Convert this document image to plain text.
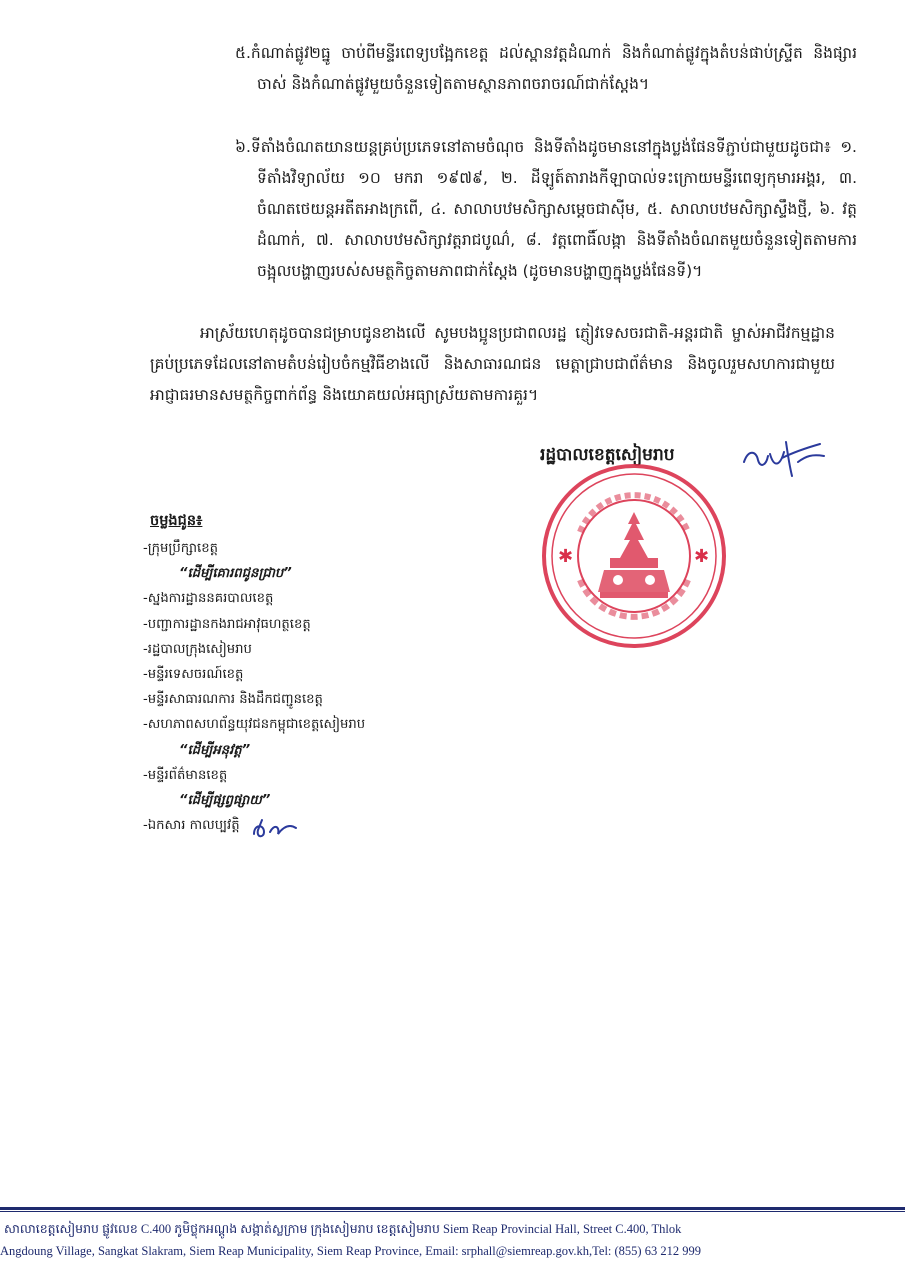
៥.កំណាត់ផ្លូវ២ធ្នូ ចាប់ពីមន្ទីរពេទ្យបង្អែកខេត្ត ដល់ស្ពានវត្តដំណាក់ និងកំណាត់ផ្លូវក្នុងតំបន់ផាប់ស្ទ្រីត និងផ្សារចាស់ និងកំណាត់ផ្លូវមួយចំនួនទៀតតាមស្ថានភាពចរាចរណ៍ជាក់ស្តែង។
៦.ទីតាំងចំណតយានយន្តគ្រប់ប្រភេទនៅតាមចំណុច និងទីតាំងដូចមាននៅក្នុងប្លង់ផែនទីភ្ជាប់ជាមួយដូចជា៖ ១. ទីតាំងវិទ្យាល័យ ១០ មករា ១៩៧៩, ២. ដីឡូត៍តារាងកីឡាបាល់ទះក្រោយមន្ទីរពេទ្យកុមារអង្គរ, ៣. ចំណតថេយន្តអតីតអាងក្រពើ, ៤. សាលាបឋមសិក្សាសម្តេចជាស៊ីម, ៥. សាលាបឋមសិក្សាស្ទឹងថ្មី, ៦. វត្តដំណាក់, ៧. សាលាបឋមសិក្សាវត្តរាជបូណ៌, ៨. វត្តពោធិ៍លង្កា និងទីតាំងចំណតមួយចំនួនទៀតតាមការចង្អុលបង្ហាញរបស់សមត្ថកិច្ចតាមភាពជាក់ស្តែង (ដូចមានបង្ហាញក្នុងប្លង់ផែនទី)។
អាស្រ័យហេតុដូចបានជម្រាបជូនខាងលើ សូមបងប្អូនប្រជាពលរដ្ឋ ភ្ញៀវទេសចរជាតិ-អន្តរជាតិ ម្ចាស់អាជីវកម្មដ្ឋានគ្រប់ប្រភេទដែលនៅតាមតំបន់រៀបចំកម្មវិធីខាងលើ និងសាធារណជន មេត្តាជ្រាបជាព័ត៌មាន និងចូលរួមសហការជាមួយអាជ្ញាធរមានសមត្ថកិច្ចពាក់ព័ន្ធ និងយោគយល់អធ្យាស្រ័យតាមការគួរ។
រដ្ឋបាលខេត្តសៀមរាប
✱	✱
ចម្លងជូន៖
-ក្រុមប្រឹក្សាខេត្ត
“ដើម្បីគោរពជូនជ្រាប”
-ស្នងការដ្ឋាននគរបាលខេត្ត
-បញ្ជាការដ្ឋានកងរាជអាវុធហត្ថខេត្ត
-រដ្ឋបាលក្រុងសៀមរាប
-មន្ទីរទេសចរណ៍ខេត្ត
-មន្ទីរសាធារណការ និងដឹកជញ្ជូនខេត្ត
-សហភាពសហព័ន្ធយុវជនកម្ពុជាខេត្តសៀមរាប
“ដើម្បីអនុវត្ត”
-មន្ទីរព័ត៌មានខេត្ត
“ដើម្បីផ្សព្វផ្សាយ”
-ឯកសារ កាលប្បវត្តិ
សាលាខេត្តសៀមរាប ផ្លូវលេខ C.400 ភូមិថ្លុកអណ្តូង សង្កាត់ស្លក្រាម ក្រុងសៀមរាប ខេត្តសៀមរាប Siem Reap Provincial Hall, Street C.400, Thlok
Angdoung Village, Sangkat Slakram, Siem Reap Municipality, Siem Reap Province, Email: srphall@siemreap.gov.kh,Tel: (855) 63 212 999
